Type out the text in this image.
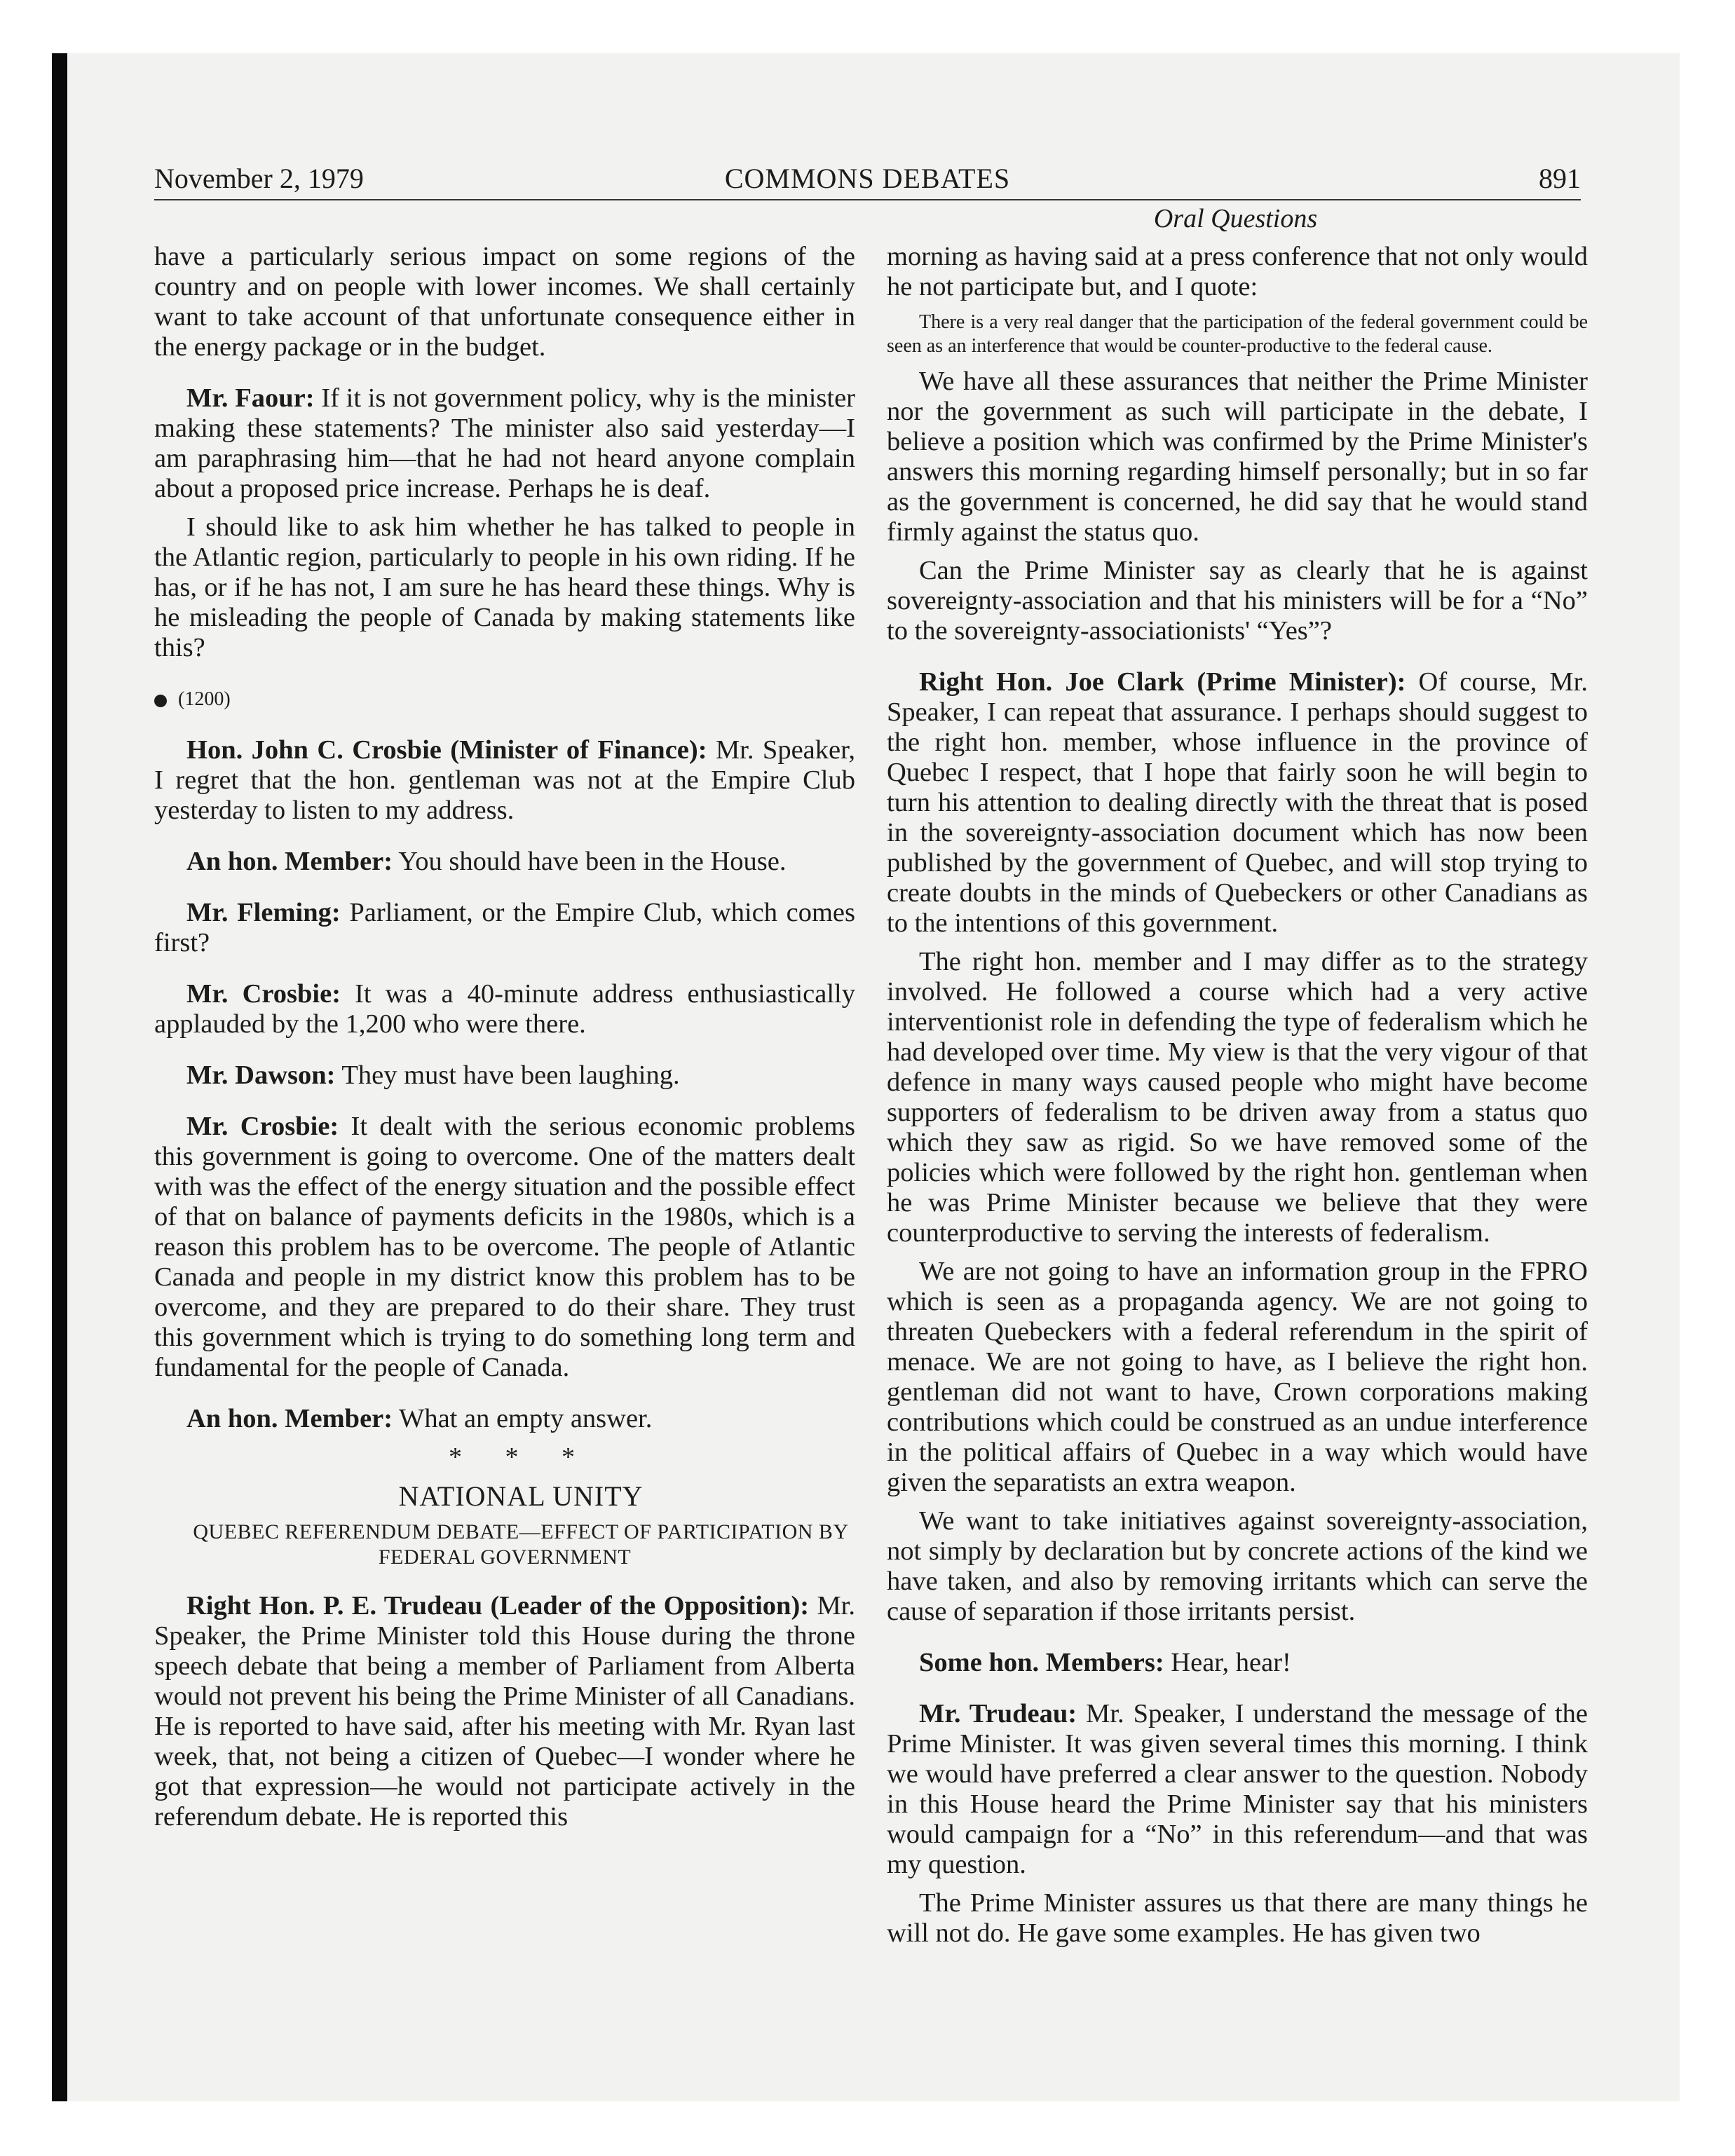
November 2, 1979	COMMONS DEBATES	891
Oral Questions

have a particularly serious impact on some regions of the country and on people with lower incomes. We shall certainly want to take account of that unfortunate consequence either in the energy package or in the budget.

Mr. Faour: If it is not government policy, why is the minister making these statements? The minister also said yesterday—I am paraphrasing him—that he had not heard anyone complain about a proposed price increase. Perhaps he is deaf.

I should like to ask him whether he has talked to people in the Atlantic region, particularly to people in his own riding. If he has, or if he has not, I am sure he has heard these things. Why is he misleading the people of Canada by making statements like this?

(1200)

Hon. John C. Crosbie (Minister of Finance): Mr. Speaker, I regret that the hon. gentleman was not at the Empire Club yesterday to listen to my address.

An hon. Member: You should have been in the House.

Mr. Fleming: Parliament, or the Empire Club, which comes first?

Mr. Crosbie: It was a 40-minute address enthusiastically applauded by the 1,200 who were there.

Mr. Dawson: They must have been laughing.

Mr. Crosbie: It dealt with the serious economic problems this government is going to overcome. One of the matters dealt with was the effect of the energy situation and the possible effect of that on balance of payments deficits in the 1980s, which is a reason this problem has to be overcome. The people of Atlantic Canada and people in my district know this problem has to be overcome, and they are prepared to do their share. They trust this government which is trying to do something long term and fundamental for the people of Canada.

An hon. Member: What an empty answer.

* * *

NATIONAL UNITY

QUEBEC REFERENDUM DEBATE—EFFECT OF PARTICIPATION BY FEDERAL GOVERNMENT

Right Hon. P. E. Trudeau (Leader of the Opposition): Mr. Speaker, the Prime Minister told this House during the throne speech debate that being a member of Parliament from Alberta would not prevent his being the Prime Minister of all Canadians. He is reported to have said, after his meeting with Mr. Ryan last week, that, not being a citizen of Quebec—I wonder where he got that expression—he would not participate actively in the referendum debate. He is reported this

morning as having said at a press conference that not only would he not participate but, and I quote:

There is a very real danger that the participation of the federal government could be seen as an interference that would be counter-productive to the federal cause.

We have all these assurances that neither the Prime Minister nor the government as such will participate in the debate, I believe a position which was confirmed by the Prime Minister's answers this morning regarding himself personally; but in so far as the government is concerned, he did say that he would stand firmly against the status quo.

Can the Prime Minister say as clearly that he is against sovereignty-association and that his ministers will be for a “No” to the sovereignty-associationists' “Yes”?

Right Hon. Joe Clark (Prime Minister): Of course, Mr. Speaker, I can repeat that assurance. I perhaps should suggest to the right hon. member, whose influence in the province of Quebec I respect, that I hope that fairly soon he will begin to turn his attention to dealing directly with the threat that is posed in the sovereignty-association document which has now been published by the government of Quebec, and will stop trying to create doubts in the minds of Quebeckers or other Canadians as to the intentions of this government.

The right hon. member and I may differ as to the strategy involved. He followed a course which had a very active interventionist role in defending the type of federalism which he had developed over time. My view is that the very vigour of that defence in many ways caused people who might have become supporters of federalism to be driven away from a status quo which they saw as rigid. So we have removed some of the policies which were followed by the right hon. gentleman when he was Prime Minister because we believe that they were counterproductive to serving the interests of federalism.

We are not going to have an information group in the FPRO which is seen as a propaganda agency. We are not going to threaten Quebeckers with a federal referendum in the spirit of menace. We are not going to have, as I believe the right hon. gentleman did not want to have, Crown corporations making contributions which could be construed as an undue interference in the political affairs of Quebec in a way which would have given the separatists an extra weapon.

We want to take initiatives against sovereignty-association, not simply by declaration but by concrete actions of the kind we have taken, and also by removing irritants which can serve the cause of separation if those irritants persist.

Some hon. Members: Hear, hear!

Mr. Trudeau: Mr. Speaker, I understand the message of the Prime Minister. It was given several times this morning. I think we would have preferred a clear answer to the question. Nobody in this House heard the Prime Minister say that his ministers would campaign for a “No” in this referendum—and that was my question.

The Prime Minister assures us that there are many things he will not do. He gave some examples. He has given two
